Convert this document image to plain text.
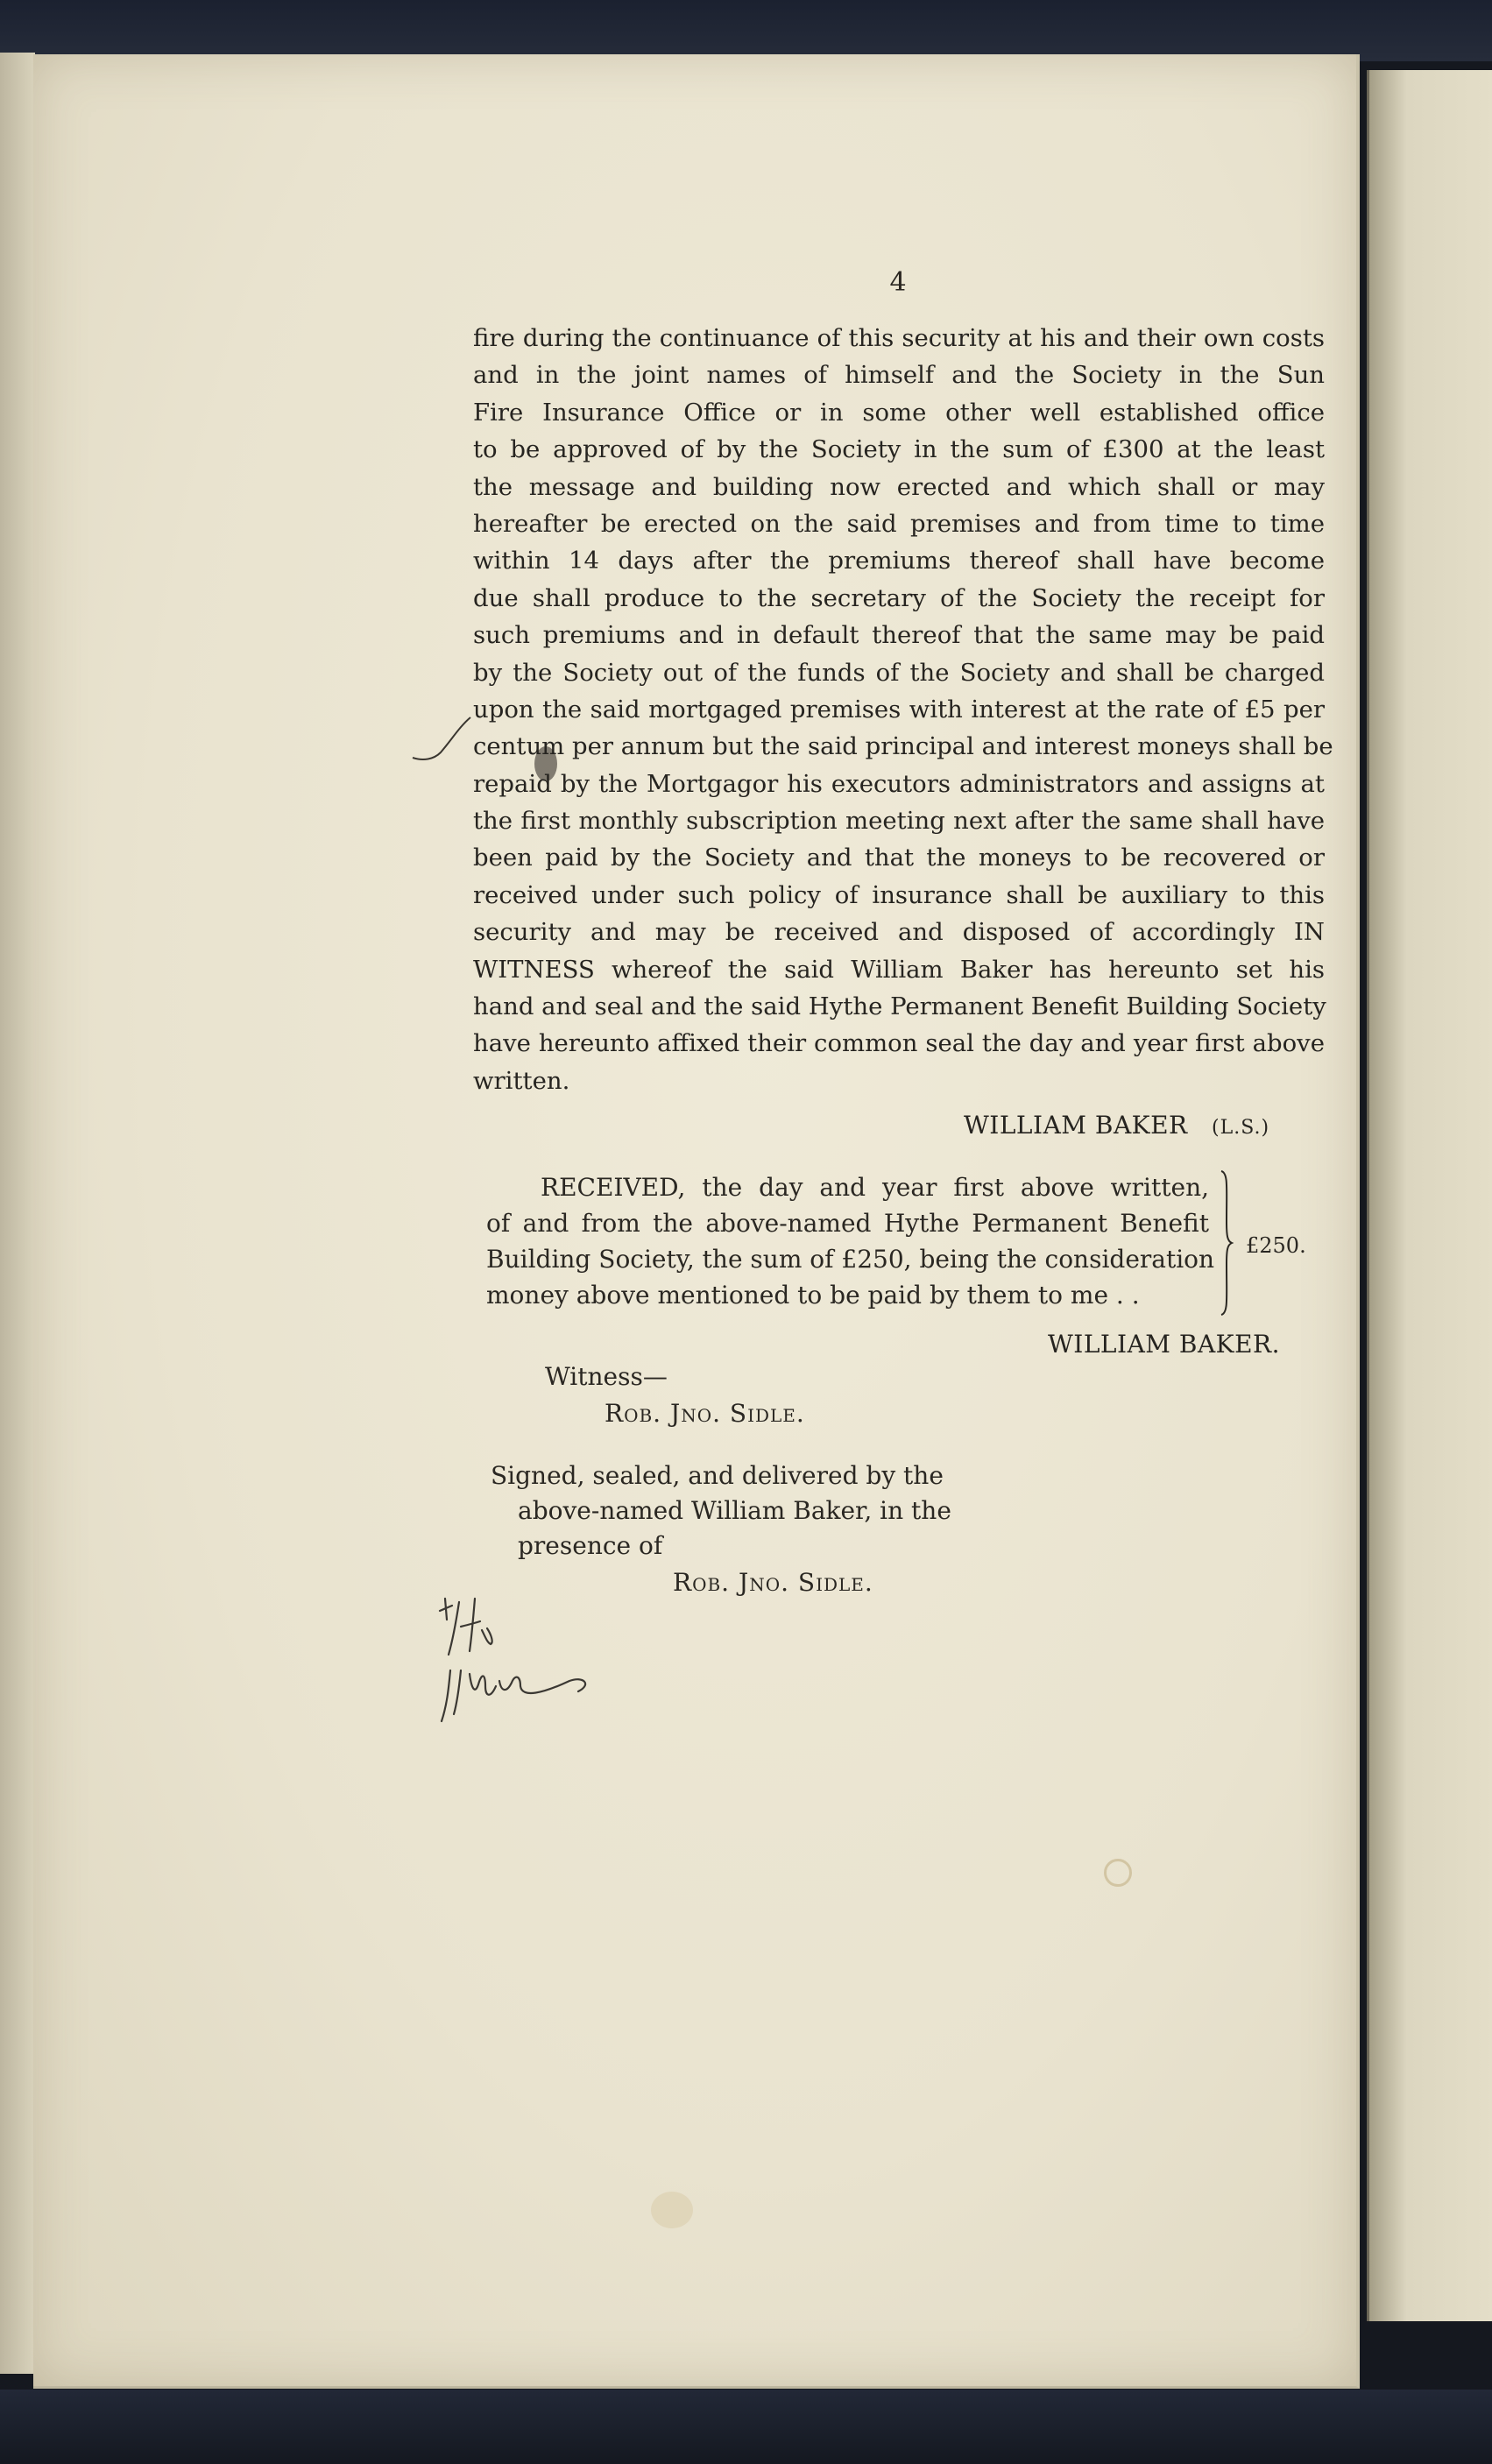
4
fire during the continuance of this security at his and their own costs
and in the joint names of himself and the Society in the Sun
Fire Insurance Office or in some other well established office
to be approved of by the Society in the sum of £300 at the least
the message and building now erected and which shall or may
hereafter be erected on the said premises and from time to time
within 14 days after the premiums thereof shall have become
due shall produce to the secretary of the Society the receipt for
such premiums and in default thereof that the same may be paid
by the Society out of the funds of the Society and shall be charged
upon the said mortgaged premises with interest at the rate of £5 per
centum per annum but the said principal and interest moneys shall be
repaid by the Mortgagor his executors administrators and assigns at
the first monthly subscription meeting next after the same shall have
been paid by the Society and that the moneys to be recovered or
received under such policy of insurance shall be auxiliary to this
security and may be received and disposed of accordingly IN
WITNESS whereof the said William Baker has hereunto set his
hand and seal and the said Hythe Permanent Benefit Building Society
have hereunto affixed their common seal the day and year first above
written.
WILLIAM BAKER (L.S.)
RECEIVED, the day and year first above written,
of and from the above-named Hythe Permanent Benefit
Building Society, the sum of £250, being the consideration
money above mentioned to be paid by them to me . .
£250.
WILLIAM BAKER.
Witness—
Rob. Jno. Sidle.
Signed, sealed, and delivered by the
above-named William Baker, in the
presence of
Rob. Jno. Sidle.
